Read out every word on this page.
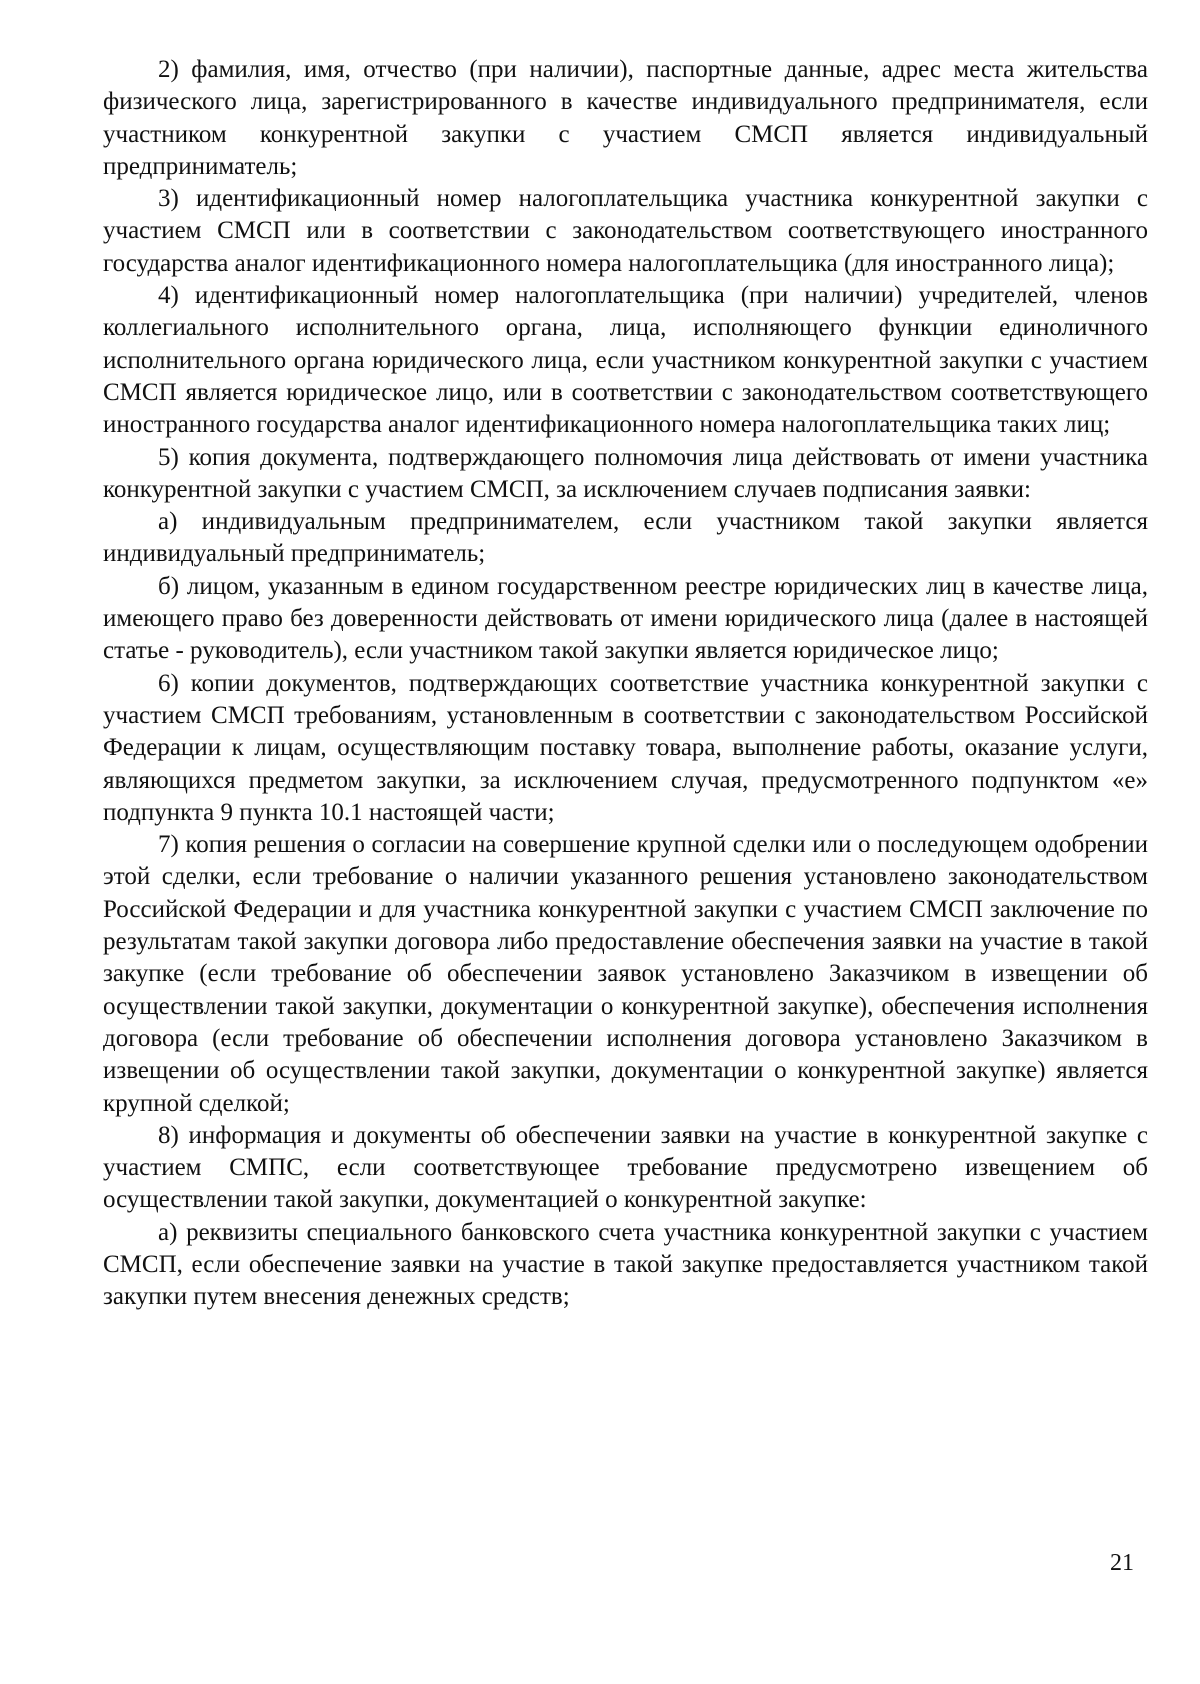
2) фамилия, имя, отчество (при наличии), паспортные данные, адрес места жительства физического лица, зарегистрированного в качестве индивидуального предпринимателя, если участником конкурентной закупки с участием СМСП является индивидуальный предприниматель;

3) идентификационный номер налогоплательщика участника конкурентной закупки с участием СМСП или в соответствии с законодательством соответствующего иностранного государства аналог идентификационного номера налогоплательщика (для иностранного лица);

4) идентификационный номер налогоплательщика (при наличии) учредителей, членов коллегиального исполнительного органа, лица, исполняющего функции единоличного исполнительного органа юридического лица, если участником конкурентной закупки с участием СМСП является юридическое лицо, или в соответствии с законодательством соответствующего иностранного государства аналог идентификационного номера налогоплательщика таких лиц;

5) копия документа, подтверждающего полномочия лица действовать от имени участника конкурентной закупки с участием СМСП, за исключением случаев подписания заявки:

а) индивидуальным предпринимателем, если участником такой закупки является индивидуальный предприниматель;

б) лицом, указанным в едином государственном реестре юридических лиц в качестве лица, имеющего право без доверенности действовать от имени юридического лица (далее в настоящей статье - руководитель), если участником такой закупки является юридическое лицо;

6) копии документов, подтверждающих соответствие участника конкурентной закупки с участием СМСП требованиям, установленным в соответствии с законодательством Российской Федерации к лицам, осуществляющим поставку товара, выполнение работы, оказание услуги, являющихся предметом закупки, за исключением случая, предусмотренного подпунктом «е» подпункта 9 пункта 10.1 настоящей части;

7) копия решения о согласии на совершение крупной сделки или о последующем одобрении этой сделки, если требование о наличии указанного решения установлено законодательством Российской Федерации и для участника конкурентной закупки с участием СМСП заключение по результатам такой закупки договора либо предоставление обеспечения заявки на участие в такой закупке (если требование об обеспечении заявок установлено Заказчиком в извещении об осуществлении такой закупки, документации о конкурентной закупке), обеспечения исполнения договора (если требование об обеспечении исполнения договора установлено Заказчиком в извещении об осуществлении такой закупки, документации о конкурентной закупке) является крупной сделкой;

8) информация и документы об обеспечении заявки на участие в конкурентной закупке с участием СМПС, если соответствующее требование предусмотрено извещением об осуществлении такой закупки, документацией о конкурентной закупке:

а) реквизиты специального банковского счета участника конкурентной закупки с участием СМСП, если обеспечение заявки на участие в такой закупке предоставляется участником такой закупки путем внесения денежных средств;

21
